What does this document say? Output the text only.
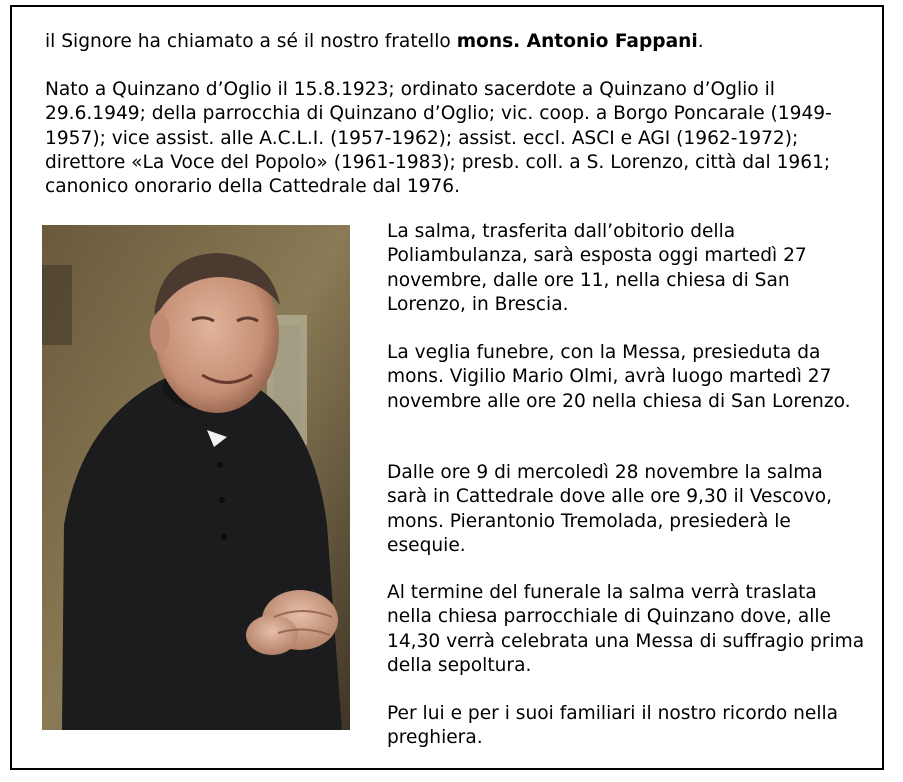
il Signore ha chiamato a sé il nostro fratello mons. Antonio Fappani.

Nato a Quinzano d’Oglio il 15.8.1923; ordinato sacerdote a Quinzano d’Oglio il 29.6.1949; della parrocchia di Quinzano d’Oglio; vic. coop. a Borgo Poncarale (1949-1957); vice assist. alle A.C.L.I. (1957-1962); assist. eccl. ASCI e AGI (1962-1972); direttore «La Voce del Popolo» (1961-1983); presb. coll. a S. Lorenzo, città dal 1961; canonico onorario della Cattedrale dal 1976.

La salma, trasferita dall’obitorio della Poliambulanza, sarà esposta oggi martedì 27 novembre, dalle ore 11, nella chiesa di San Lorenzo, in Brescia.

La veglia funebre, con la Messa, presieduta da mons. Vigilio Mario Olmi, avrà luogo martedì 27 novembre alle ore 20 nella chiesa di San Lorenzo.

Dalle ore 9 di mercoledì 28 novembre la salma sarà in Cattedrale dove alle ore 9,30 il Vescovo, mons. Pierantonio Tremolada, presiederà le esequie.

Al termine del funerale la salma verrà traslata nella chiesa parrocchiale di Quinzano dove, alle 14,30 verrà celebrata una Messa di suffragio prima della sepoltura.

Per lui e per i suoi familiari il nostro ricordo nella preghiera.
